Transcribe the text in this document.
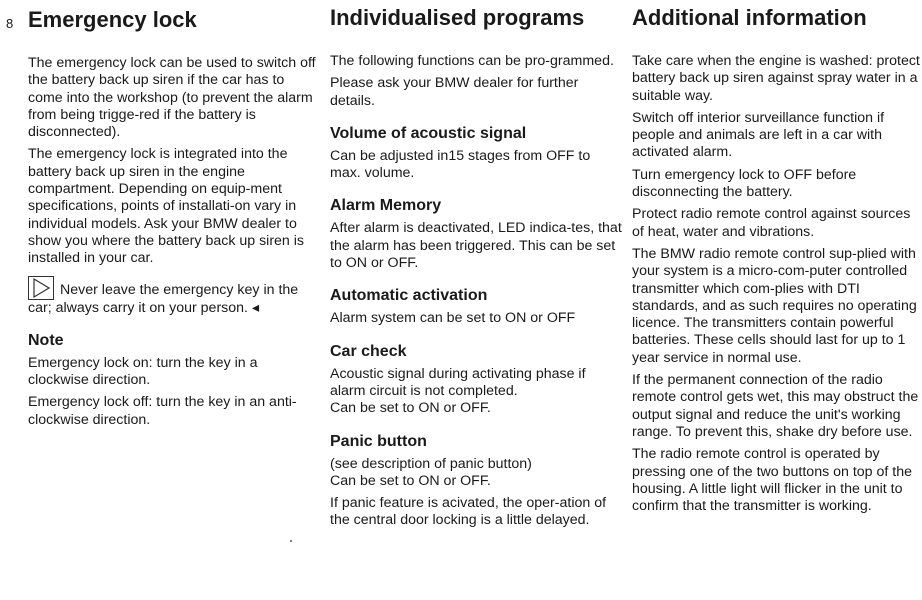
8 Emergency lock

The emergency lock can be used to switch off the battery back up siren if the car has to come into the workshop (to prevent the alarm from being trigge-red if the battery is disconnected).

The emergency lock is integrated into the battery back up siren in the engine compartment. Depending on equip-ment specifications, points of installati-on vary in individual models. Ask your BMW dealer to show you where the battery back up siren is installed in your car.

Never leave the emergency key in the car; always carry it on your person. ◂

Note

Emergency lock on: turn the key in a clockwise direction.

Emergency lock off: turn the key in an anti-clockwise direction.

Individualised programs

The following functions can be pro-grammed.

Please ask your BMW dealer for further details.

Volume of acoustic signal

Can be adjusted in15 stages from OFF to max. volume.

Alarm Memory

After alarm is deactivated, LED indica-tes, that the alarm has been triggered. This can be set to ON or OFF.

Automatic activation

Alarm system can be set to ON or OFF

Car check

Acoustic signal during activating phase if alarm circuit is not completed.

Can be set to ON or OFF.

Panic button

(see description of panic button)

Can be set to ON or OFF.

If panic feature is acivated, the oper-ation of the central door locking is a little delayed.

Additional information

Take care when the engine is washed: protect battery back up siren against spray water in a suitable way.

Switch off interior surveillance function if people and animals are left in a car with activated alarm.

Turn emergency lock to OFF before disconnecting the battery.

Protect radio remote control against sources of heat, water and vibrations.

The BMW radio remote control sup-plied with your system is a micro-com-puter controlled transmitter which com-plies with DTI standards, and as such requires no operating licence. The transmitters contain powerful batteries. These cells should last for up to 1 year service in normal use.

If the permanent connection of the radio remote control gets wet, this may obstruct the output signal and reduce the unit's working range. To prevent this, shake dry before use.

The radio remote control is operated by pressing one of the two buttons on top of the housing. A little light will flicker in the unit to confirm that the transmitter is working.
